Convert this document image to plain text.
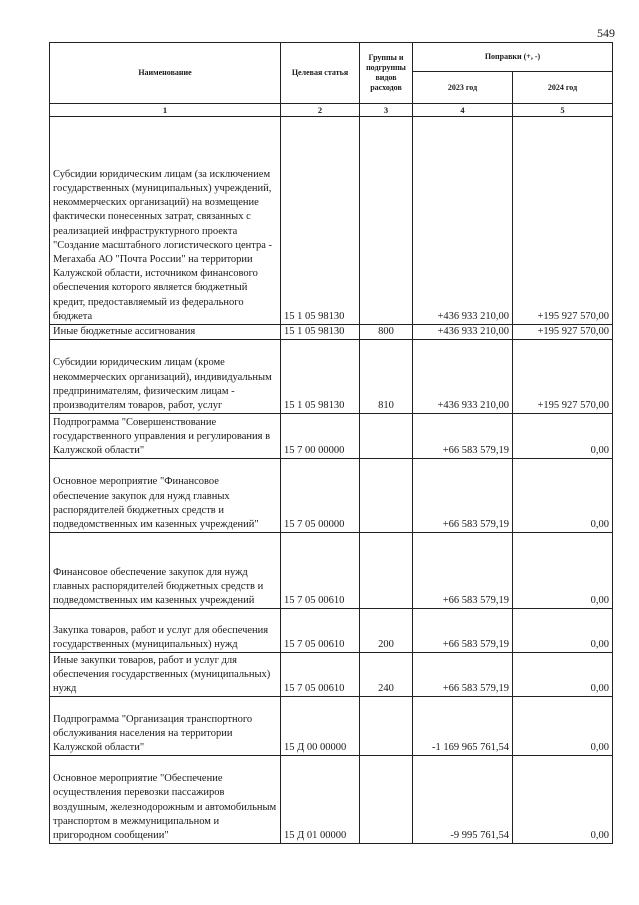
549
Наименование	Целевая статья	Группы и подгруппы видов расходов	Поправки (+, -)	
			2023 год	2024 год
1	2	3	4	5
Субсидии юридическим лицам (за исключением государственных (муниципальных) учреждений, некоммерческих организаций) на возмещение фактически понесенных затрат, связанных с реализацией инфраструктурного проекта "Создание масштабного логистического центра - Мегахаба АО "Почта России" на территории Калужской области, источником финансового обеспечения которого является бюджетный кредит, предоставляемый из федерального бюджета	15 1 05 98130		+436 933 210,00	+195 927 570,00
Иные бюджетные ассигнования	15 1 05 98130	800	+436 933 210,00	+195 927 570,00
Субсидии юридическим лицам (кроме некоммерческих организаций), индивидуальным предпринимателям, физическим лицам - производителям товаров, работ, услуг	15 1 05 98130	810	+436 933 210,00	+195 927 570,00
Подпрограмма "Совершенствование государственного управления и регулирования в Калужской области"	15 7 00 00000		+66 583 579,19	0,00
Основное мероприятие "Финансовое обеспечение закупок для нужд главных распорядителей бюджетных средств и подведомственных им казенных учреждений"	15 7 05 00000		+66 583 579,19	0,00
Финансовое обеспечение закупок для нужд главных распорядителей бюджетных средств и подведомственных им казенных учреждений	15 7 05 00610		+66 583 579,19	0,00
Закупка товаров, работ и услуг для обеспечения государственных (муниципальных) нужд	15 7 05 00610	200	+66 583 579,19	0,00
Иные закупки товаров, работ и услуг для обеспечения государственных (муниципальных) нужд	15 7 05 00610	240	+66 583 579,19	0,00
Подпрограмма "Организация транспортного обслуживания населения на территории Калужской области"	15 Д 00 00000		-1 169 965 761,54	0,00
Основное мероприятие "Обеспечение осуществления перевозки пассажиров воздушным, железнодорожным и автомобильным транспортом в межмуниципальном и пригородном сообщении"	15 Д 01 00000		-9 995 761,54	0,00
